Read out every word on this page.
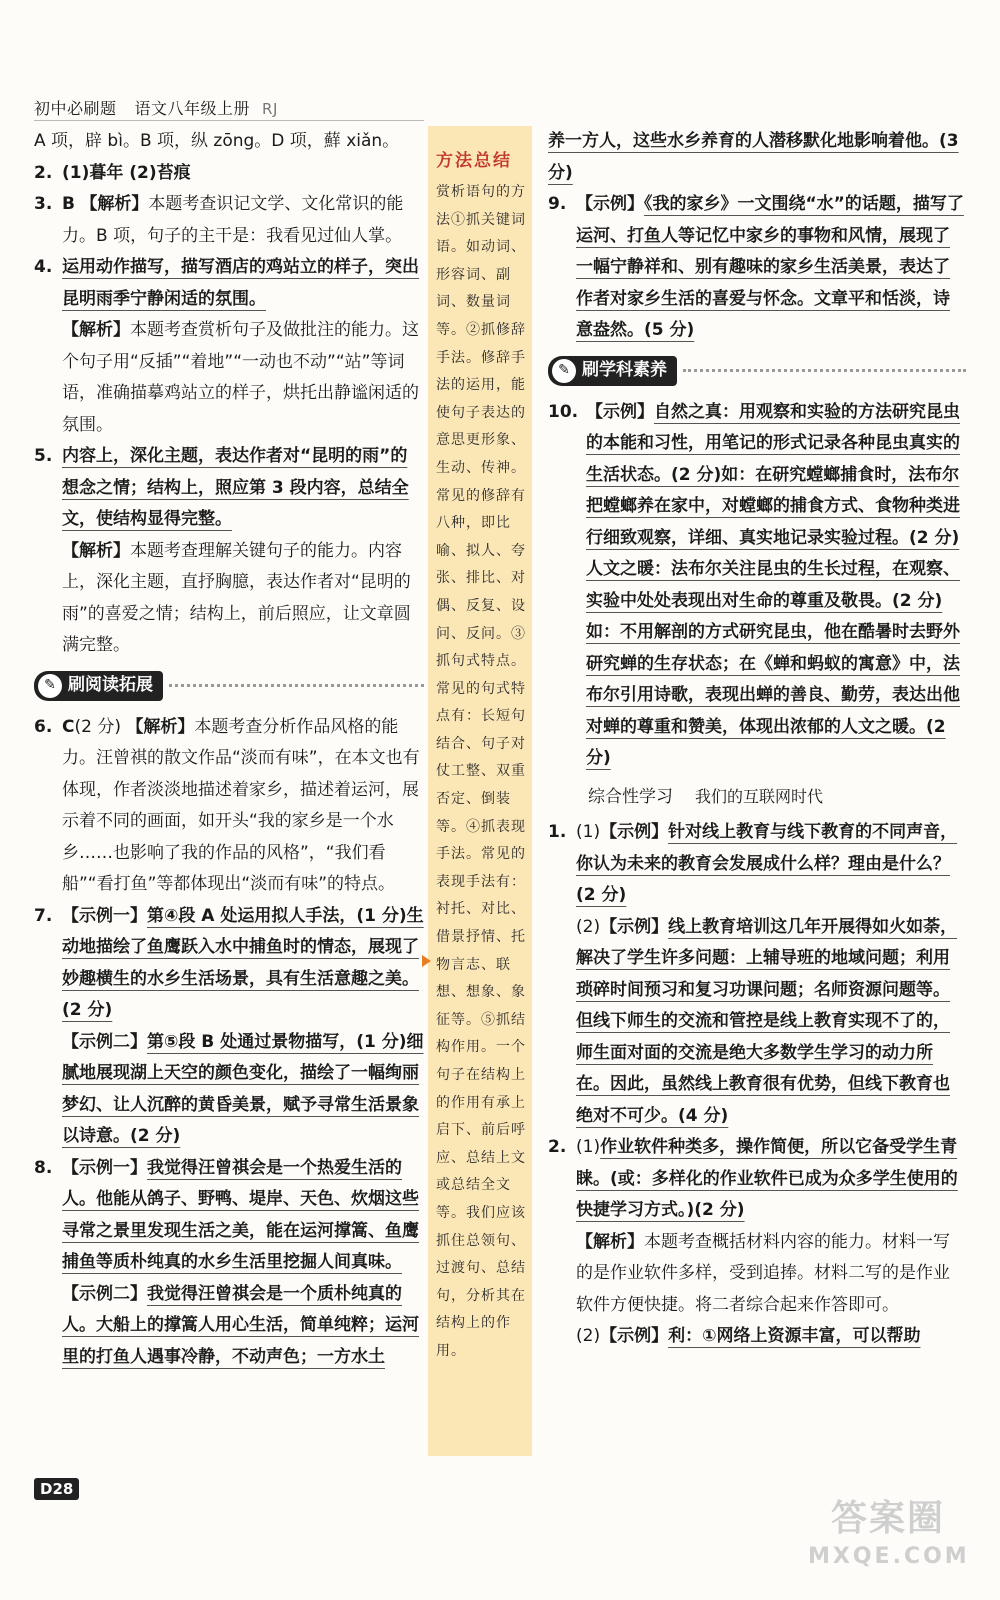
初中必刷题 语文八年级上册 RJ

A 项，辟 bì。B 项，纵 zōng。D 项，蘚 xiǎn。

2. (1)暮年 (2)苔痕
3. B 【解析】本题考查识记文学、文化常识的能力。B 项，句子的主干是：我看见过仙人掌。
4. 运用动作描写，描写酒店的鸡站立的样子，突出昆明雨季宁静闲适的氛围。

【解析】本题考查赏析句子及做批注的能力。这个句子用“反插”“着地”“一动也不动”“站”等词语，准确描摹鸡站立的样子，烘托出静谧闲适的氛围。

5. 内容上，深化主题，表达作者对“昆明的雨”的想念之情；结构上，照应第 3 段内容，总结全文，使结构显得完整。

【解析】本题考查理解关键句子的能力。内容上，深化主题，直抒胸臆，表达作者对“昆明的雨”的喜爱之情；结构上，前后照应，让文章圆满完整。

✎ 刷阅读拓展
6. C(2 分) 【解析】本题考查分析作品风格的能力。汪曾祺的散文作品“淡而有味”，在本文也有体现，作者淡淡地描述着家乡，描述着运河，展示着不同的画面，如开头“我的家乡是一个水乡……也影响了我的作品的风格”，“我们看船”“看打鱼”等都体现出“淡而有味”的特点。
7. 【示例一】第④段 A 处运用拟人手法，(1 分)生动地描绘了鱼鹰跃入水中捕鱼时的情态，展现了妙趣横生的水乡生活场景，具有生活意趣之美。(2 分)

【示例二】第⑤段 B 处通过景物描写，(1 分)细腻地展现湖上天空的颜色变化，描绘了一幅绚丽梦幻、让人沉醉的黄昏美景，赋予寻常生活景象以诗意。(2 分)

8. 【示例一】我觉得汪曾祺会是一个热爱生活的人。他能从鸽子、野鸭、堤岸、天色、炊烟这些寻常之景里发现生活之美，能在运河撑篙、鱼鹰捕鱼等质朴纯真的水乡生活里挖掘人间真味。

【示例二】我觉得汪曾祺会是一个质朴纯真的人。大船上的撑篙人用心生活，简单纯粹；运河里的打鱼人遇事冷静，不动声色；一方水土

方法总结
赏析语句的方法①抓关键词语。如动词、形容词、副词、数量词等。②抓修辞手法。修辞手法的运用，能使句子表达的意思更形象、生动、传神。常见的修辞有八种，即比喻、拟人、夸张、排比、对偶、反复、设问、反问。③抓句式特点。常见的句式特点有：长短句结合、句子对仗工整、双重否定、倒装等。④抓表现手法。常见的表现手法有：衬托、对比、借景抒情、托物言志、联想、想象、象征等。⑤抓结构作用。一个句子在结构上的作用有承上启下、前后呼应、总结上文或总结全文等。我们应该抓住总领句、过渡句、总结句，分析其在结构上的作用。

养一方人，这些水乡养育的人潜移默化地影响着他。(3 分)

9. 【示例】《我的家乡》一文围绕“水”的话题，描写了运河、打鱼人等记忆中家乡的事物和风情，展现了一幅宁静祥和、别有趣味的家乡生活美景，表达了作者对家乡生活的喜爱与怀念。文章平和恬淡，诗意盎然。(5 分)
✎ 刷学科素养
10. 【示例】自然之真：用观察和实验的方法研究昆虫的本能和习性，用笔记的形式记录各种昆虫真实的生活状态。(2 分)如：在研究螳螂捕食时，法布尔把螳螂养在家中，对螳螂的捕食方式、食物种类进行细致观察，详细、真实地记录实验过程。(2 分)人文之暖：法布尔关注昆虫的生长过程，在观察、实验中处处表现出对生命的尊重及敬畏。(2 分)如：不用解剖的方式研究昆虫，他在酷暑时去野外研究蝉的生存状态；在《蝉和蚂蚁的寓意》中，法布尔引用诗歌，表现出蝉的善良、勤劳，表达出他对蝉的尊重和赞美，体现出浓郁的人文之暖。(2 分)
综合性学习 我们的互联网时代
1. (1)【示例】针对线上教育与线下教育的不同声音，你认为未来的教育会发展成什么样？理由是什么？(2 分)

(2)【示例】线上教育培训这几年开展得如火如荼，解决了学生许多问题：上辅导班的地域问题；利用琐碎时间预习和复习功课问题；名师资源问题等。但线下师生的交流和管控是线上教育实现不了的，师生面对面的交流是绝大多数学生学习的动力所在。因此，虽然线上教育很有优势，但线下教育也绝对不可少。(4 分)

2. (1)作业软件种类多，操作简便，所以它备受学生青睐。(或：多样化的作业软件已成为众多学生使用的快捷学习方式。)(2 分)

【解析】本题考查概括材料内容的能力。材料一写的是作业软件多样，受到追捧。材料二写的是作业软件方便快捷。将二者综合起来作答即可。

(2)【示例】利：①网络上资源丰富，可以帮助

D28
答案圈
MXQE.COM
